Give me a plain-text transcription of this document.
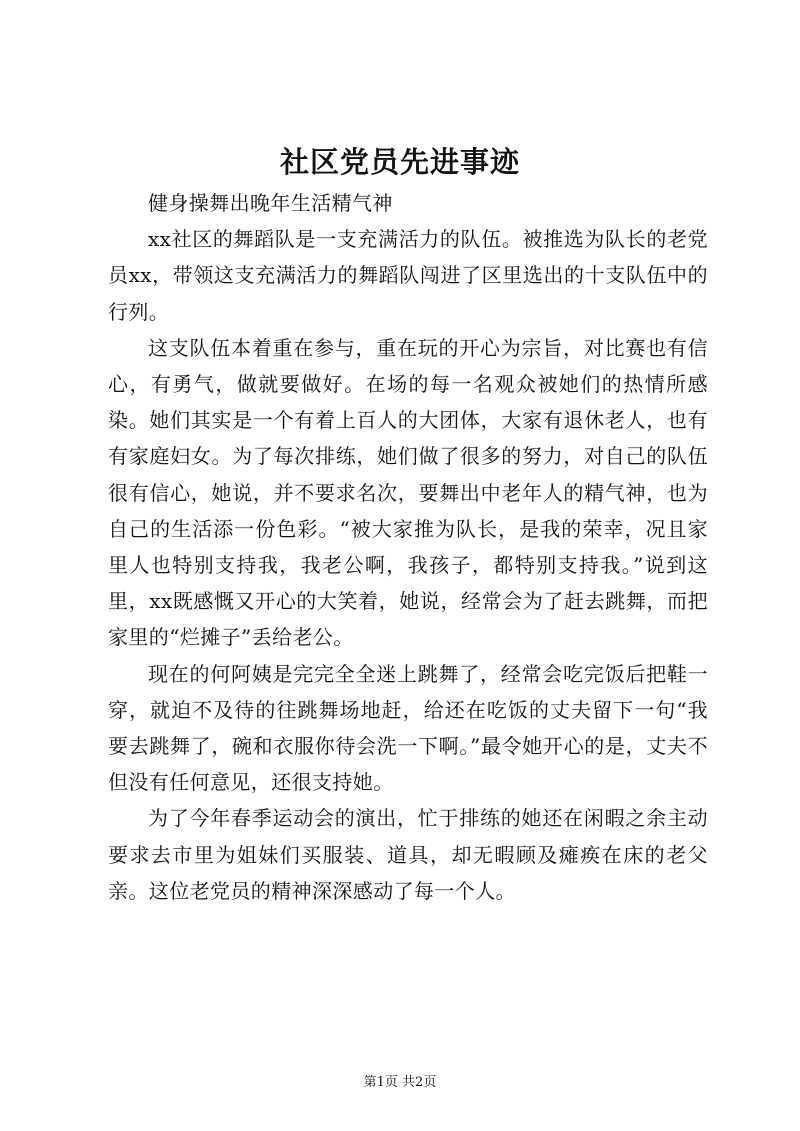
社区党员先进事迹

健身操舞出晚年生活精气神

xx社区的舞蹈队是一支充满活力的队伍。被推选为队长的老党员xx，带领这支充满活力的舞蹈队闯进了区里选出的十支队伍中的行列。

这支队伍本着重在参与，重在玩的开心为宗旨，对比赛也有信心，有勇气，做就要做好。在场的每一名观众被她们的热情所感染。她们其实是一个有着上百人的大团体，大家有退休老人，也有有家庭妇女。为了每次排练，她们做了很多的努力，对自己的队伍很有信心，她说，并不要求名次，要舞出中老年人的精气神，也为自己的生活添一份色彩。“被大家推为队长，是我的荣幸，况且家里人也特别支持我，我老公啊，我孩子，都特别支持我。”说到这里，xx既感慨又开心的大笑着，她说，经常会为了赶去跳舞，而把家里的“烂摊子”丢给老公。

现在的何阿姨是完完全全迷上跳舞了，经常会吃完饭后把鞋一穿，就迫不及待的往跳舞场地赶，给还在吃饭的丈夫留下一句“我要去跳舞了，碗和衣服你待会洗一下啊。”最令她开心的是，丈夫不但没有任何意见，还很支持她。

为了今年春季运动会的演出，忙于排练的她还在闲暇之余主动要求去市里为姐妹们买服装、道具，却无暇顾及瘫痪在床的老父亲。这位老党员的精神深深感动了每一个人。

第1页 共2页
